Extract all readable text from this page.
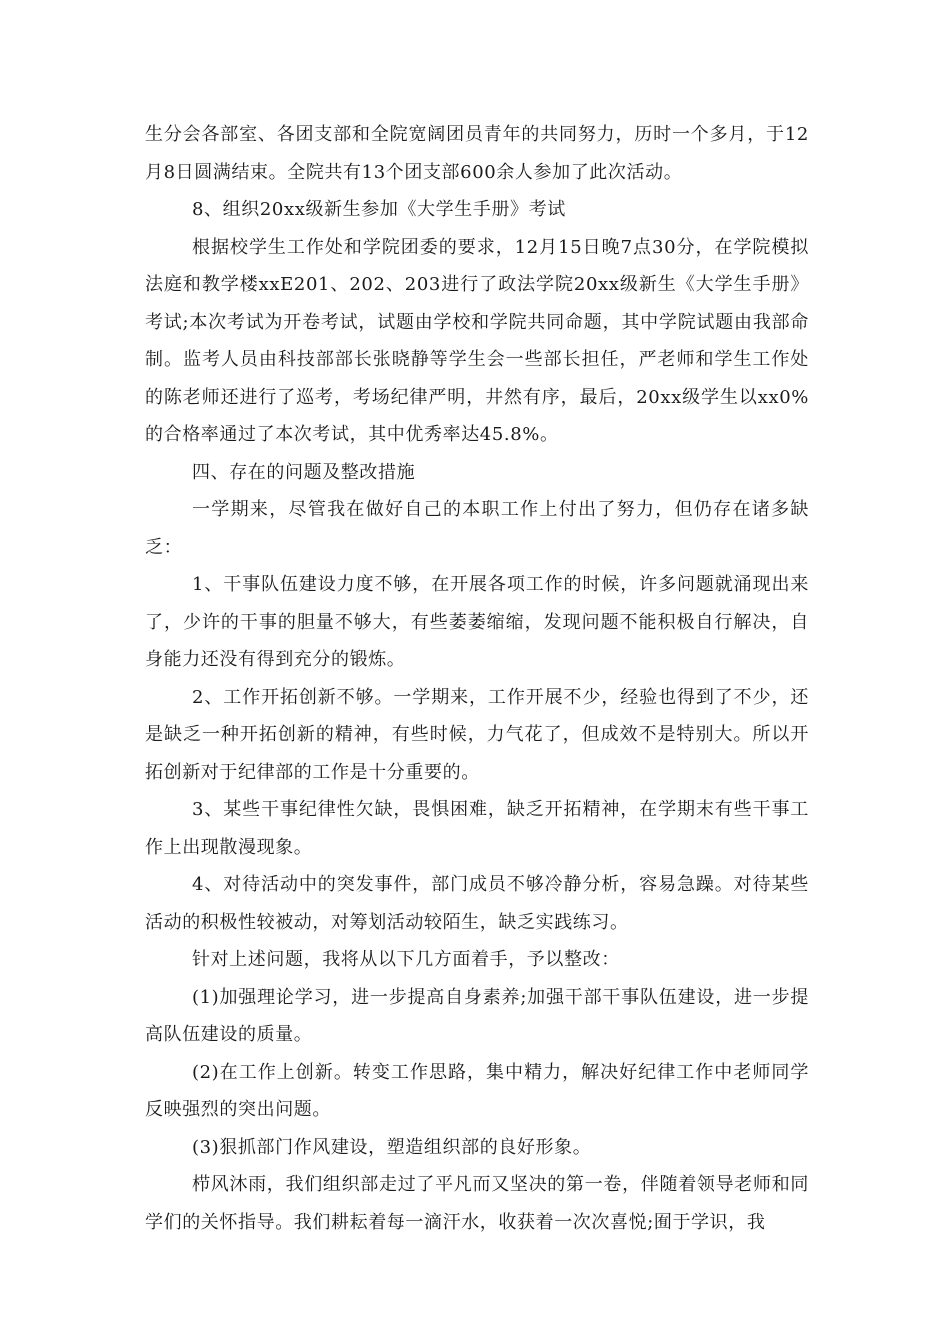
生分会各部室、各团支部和全院宽阔团员青年的共同努力，历时一个多月，于12月8日圆满结束。全院共有13个团支部600余人参加了此次活动。

8、组织20xx级新生参加《大学生手册》考试

根据校学生工作处和学院团委的要求，12月15日晚7点30分，在学院模拟法庭和教学楼xxE201、202、203进行了政法学院20xx级新生《大学生手册》考试;本次考试为开卷考试，试题由学校和学院共同命题，其中学院试题由我部命制。监考人员由科技部部长张晓静等学生会一些部长担任，严老师和学生工作处的陈老师还进行了巡考，考场纪律严明，井然有序，最后，20xx级学生以xx0%的合格率通过了本次考试，其中优秀率达45.8%。

四、存在的问题及整改措施

一学期来，尽管我在做好自己的本职工作上付出了努力，但仍存在诸多缺乏：

1、干事队伍建设力度不够，在开展各项工作的时候，许多问题就涌现出来了，少许的干事的胆量不够大，有些萎萎缩缩，发现问题不能积极自行解决，自身能力还没有得到充分的锻炼。

2、工作开拓创新不够。一学期来，工作开展不少，经验也得到了不少，还是缺乏一种开拓创新的精神，有些时候，力气花了，但成效不是特别大。所以开拓创新对于纪律部的工作是十分重要的。

3、某些干事纪律性欠缺，畏惧困难，缺乏开拓精神，在学期末有些干事工作上出现散漫现象。

4、对待活动中的突发事件，部门成员不够冷静分析，容易急躁。对待某些活动的积极性较被动，对筹划活动较陌生，缺乏实践练习。

针对上述问题，我将从以下几方面着手，予以整改：

(1)加强理论学习，进一步提高自身素养;加强干部干事队伍建设，进一步提高队伍建设的质量。

(2)在工作上创新。转变工作思路，集中精力，解决好纪律工作中老师同学反映强烈的突出问题。

(3)狠抓部门作风建设，塑造组织部的良好形象。

栉风沐雨，我们组织部走过了平凡而又坚决的第一卷，伴随着领导老师和同学们的关怀指导。我们耕耘着每一滴汗水，收获着一次次喜悦;囿于学识，我
